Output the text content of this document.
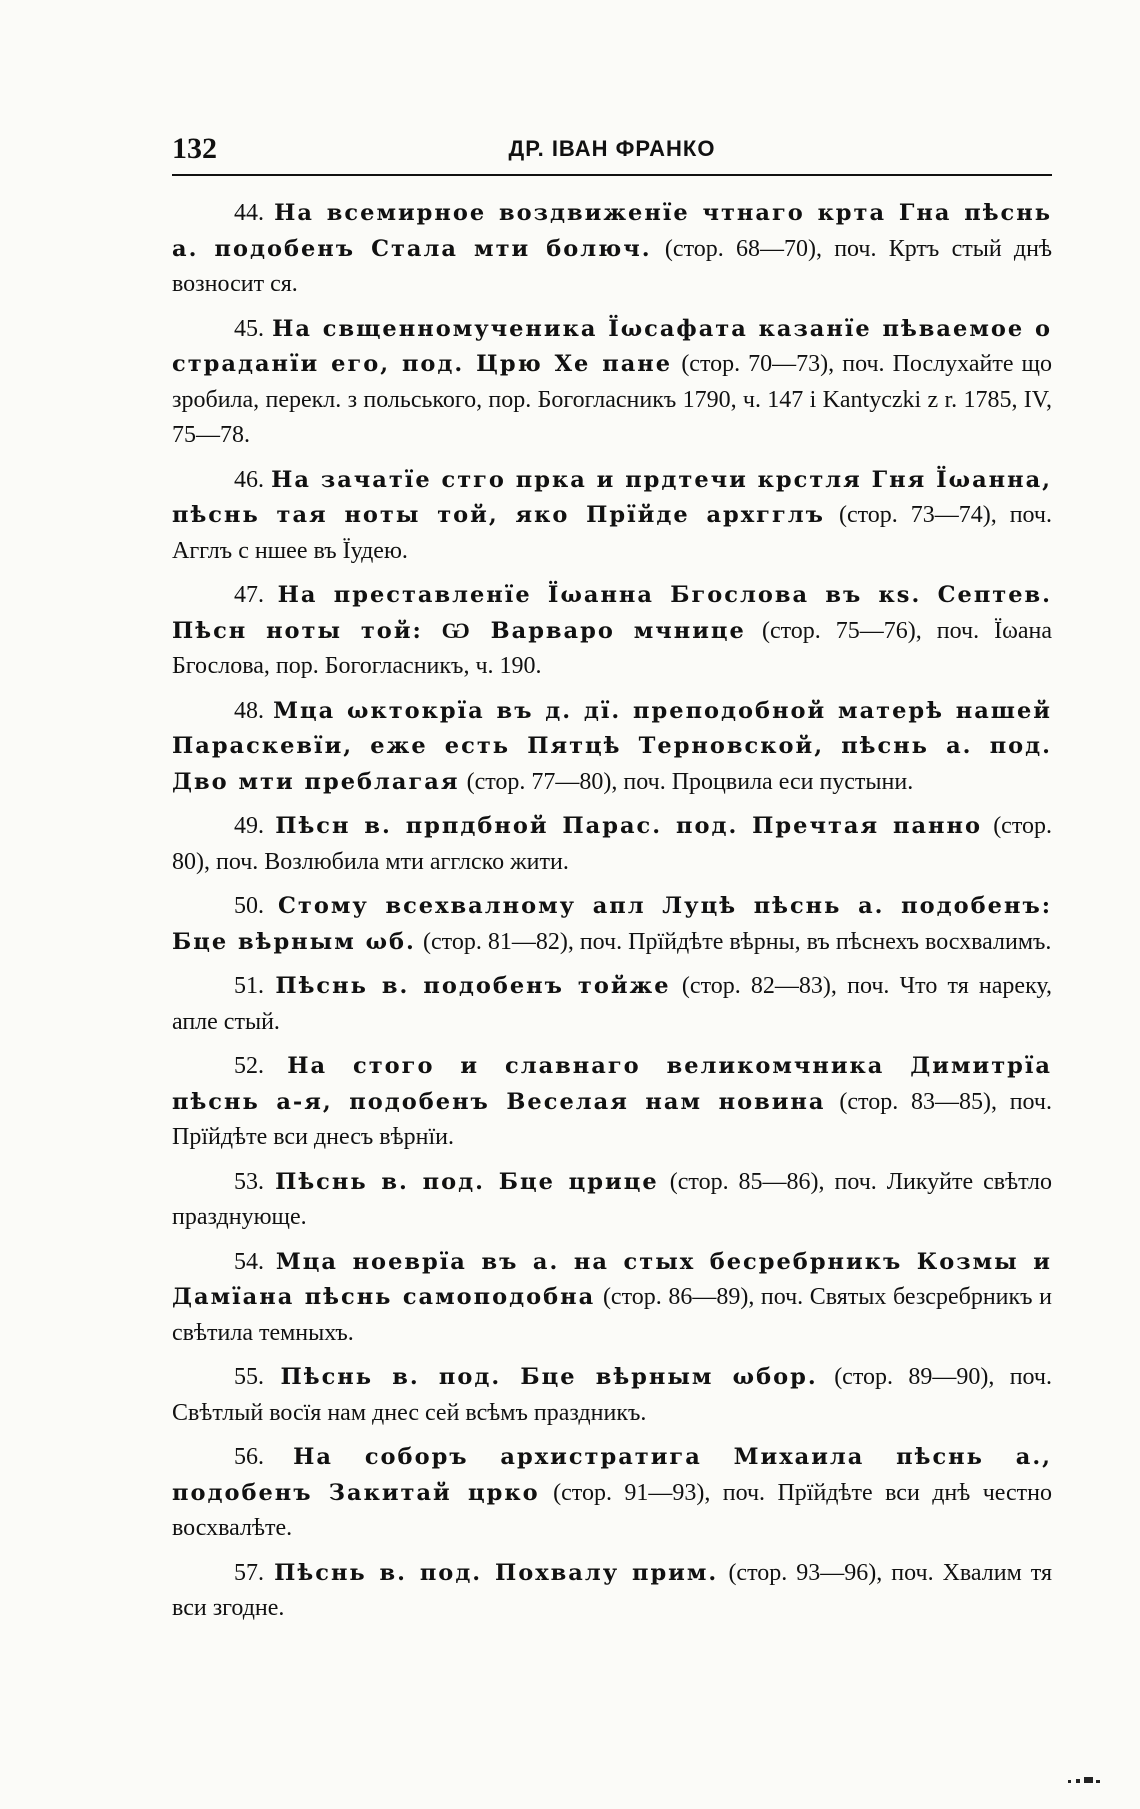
132	ДР. ІВАН ФРАНКО

44. На всемирное воздвиженїе чтнаго крта Гна пѣснь а. подобенъ Стала мти болюч. (стор. 68—70), поч. Кртъ стый днѣ возносит ся.

45. На свщенномученика Їωсафата казанїе пѣваемое о страданїи его, под. Црю Хе пане (стор. 70—73), поч. Послухайте що зробила, перекл. з польського, пор. Богогласникъ 1790, ч. 147 і Kantyczki z r. 1785, IV, 75—78.

46. На зачатїе стго прка и прдтечи крстля Гня Їωанна, пѣснь тая ноты той, яко Прїйде архгглъ (стор. 73—74), поч. Агглъ с ншее въ Їудею.

47. На преставленїе Їωанна Бгослова въ кѕ. Септев. Пѣсн ноты той: Ѡ Варваро мчнице (стор. 75—76), поч. Їωана Бгослова, пор. Богогласникъ, ч. 190.

48. Мца ωктокрїа въ д. дї. преподобной матерѣ нашей Параскевїи, еже есть Пятцѣ Терновской, пѣснь а. под. Дво мти преблагая (стор. 77—80), поч. Процвила еси пустыни.

49. Пѣсн в. прпдбной Парас. под. Пречтая панно (стор. 80), поч. Возлюбила мти агглско жити.

50. Стому всехвалному апл Луцѣ пѣснь а. подобенъ: Бце вѣрным ωб. (стор. 81—82), поч. Прїйдѣте вѣрны, въ пѣснехъ восхвалимъ.

51. Пѣснь в. подобенъ тойже (стор. 82—83), поч. Что тя нареку, апле стый.

52. На стого и славнаго великомчника Димитрїа пѣснь а-я, подобенъ Веселая нам новина (стор. 83—85), поч. Прїйдѣте вси днесъ вѣрнїи.

53. Пѣснь в. под. Бце црице (стор. 85—86), поч. Ликуйте свѣтло празднующе.

54. Мца ноеврїа въ а. на стых бесребрникъ Козмы и Дамїана пѣснь самоподобна (стор. 86—89), поч. Святых безсребрникъ и свѣтила темныхъ.

55. Пѣснь в. под. Бце вѣрным ωбор. (стор. 89—90), поч. Свѣтлый восїя нам днес сей всѣмъ праздникъ.

56. На соборъ архистратига Михаила пѣснь а., подобенъ Закитай црко (стор. 91—93), поч. Прїйдѣте вси днѣ честно восхвалѣте.

57. Пѣснь в. под. Похвалу прим. (стор. 93—96), поч. Хвалим тя вси згодне.
